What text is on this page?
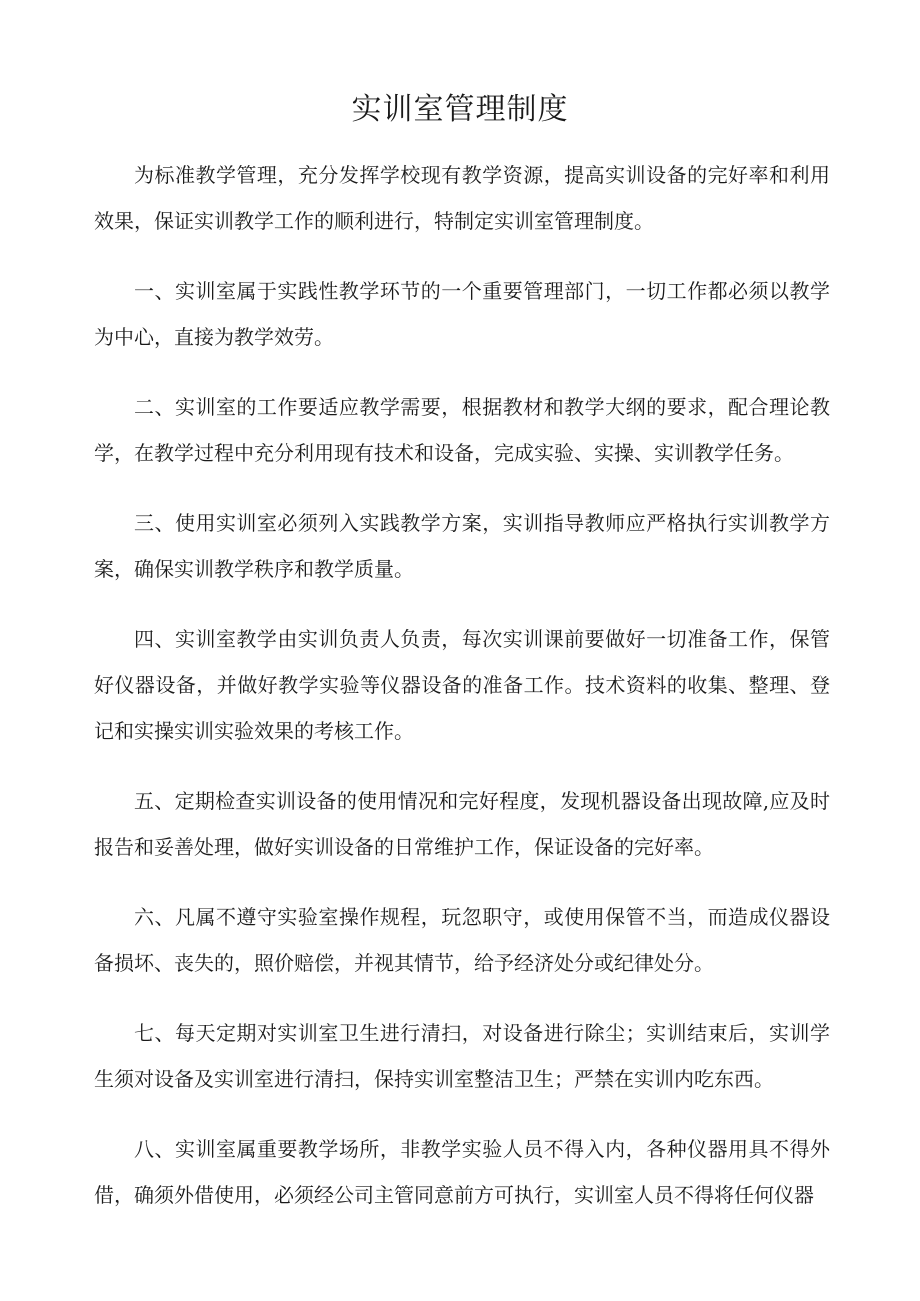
实训室管理制度

为标准教学管理，充分发挥学校现有教学资源，提高实训设备的完好率和利用效果，保证实训教学工作的顺利进行，特制定实训室管理制度。

一、实训室属于实践性教学环节的一个重要管理部门，一切工作都必须以教学为中心，直接为教学效劳。

二、实训室的工作要适应教学需要，根据教材和教学大纲的要求，配合理论教学，在教学过程中充分利用现有技术和设备，完成实验、实操、实训教学任务。

三、使用实训室必须列入实践教学方案，实训指导教师应严格执行实训教学方案，确保实训教学秩序和教学质量。

四、实训室教学由实训负责人负责，每次实训课前要做好一切准备工作，保管好仪器设备，并做好教学实验等仪器设备的准备工作。技术资料的收集、整理、登记和实操实训实验效果的考核工作。

五、定期检查实训设备的使用情况和完好程度，发现机器设备出现故障,应及时报告和妥善处理，做好实训设备的日常维护工作，保证设备的完好率。

六、凡属不遵守实验室操作规程，玩忽职守，或使用保管不当，而造成仪器设备损坏、丧失的，照价赔偿，并视其情节，给予经济处分或纪律处分。

七、每天定期对实训室卫生进行清扫，对设备进行除尘；实训结束后，实训学生须对设备及实训室进行清扫，保持实训室整洁卫生；严禁在实训内吃东西。

八、实训室属重要教学场所，非教学实验人员不得入内，各种仪器用具不得外借，确须外借使用，必须经公司主管同意前方可执行，实训室人员不得将任何仪器
